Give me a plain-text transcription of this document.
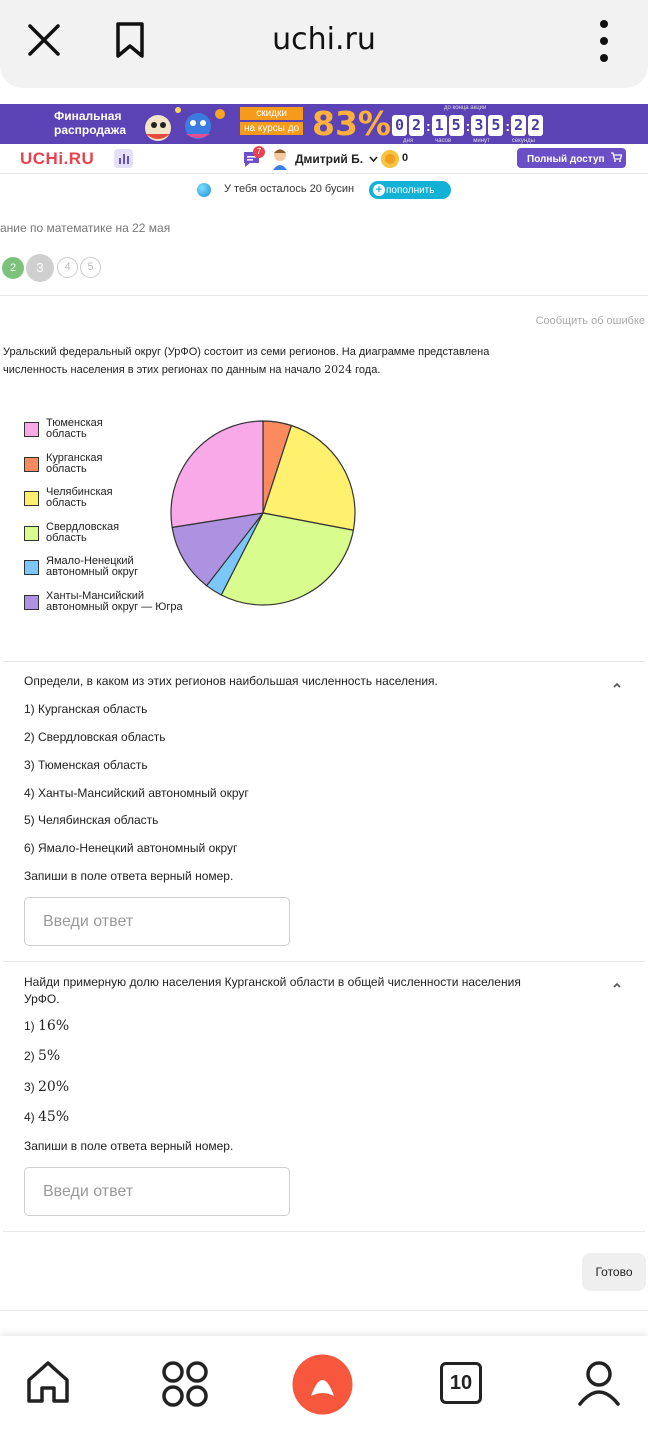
uchi.ru
Финальная
распродажа
скидки
на курсы до 83%	до конца акции
0 2 : 1 5 : 3 5 : 2 2
дня	часов	минут	секунды
UCHi.RU	7
Дмитрий Б.	0	Полный доступ
У тебя осталось 20 бусин	пополнить
+
ание по математике на 22 мая
2	3	4	5
Сообщить об ошибке
Уральский федеральный округ (УрФО) состоит из семи регионов. На диаграмме представлена
численность населения в этих регионах по данным на начало 2024 года.
Тюменская
область
Курганская
область
Челябинская
область
Свердловская
область
Ямало-Ненецкий
автономный округ
Ханты-Мансийский
автономный округ — Югра
Определи, в каком из этих регионов наибольшая численность населения.
1) Курганская область
2) Свердловская область
3) Тюменская область
4) Ханты-Мансийский автономный округ
5) Челябинская область
6) Ямало-Ненецкий автономный округ
Запиши в поле ответа верный номер.
Введи ответ
Найди примерную долю населения Курганской области в общей численности населения УрФО.
1) 16%
2) 5%
3) 20%
4) 45%
Запиши в поле ответа верный номер.
Введи ответ
Готово
10
